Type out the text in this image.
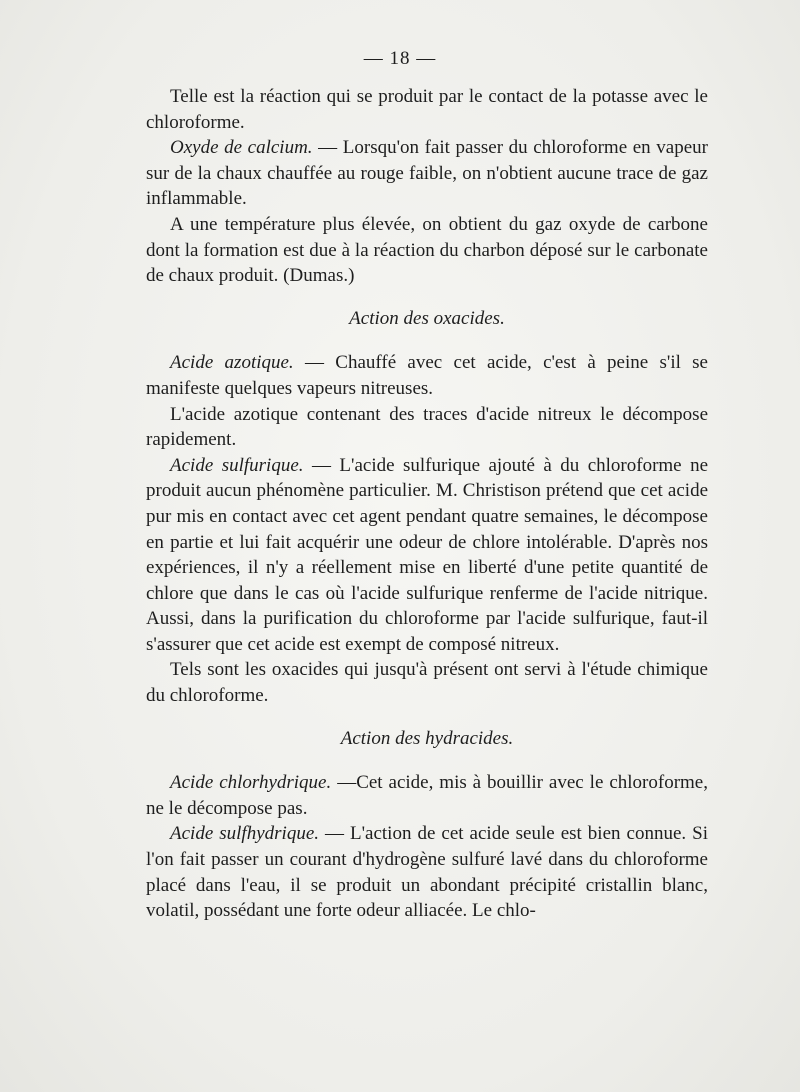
— 18 —

Telle est la réaction qui se produit par le contact de la potasse avec le chloroforme.

Oxyde de calcium. — Lorsqu'on fait passer du chloroforme en vapeur sur de la chaux chauffée au rouge faible, on n'obtient aucune trace de gaz inflammable.

A une température plus élevée, on obtient du gaz oxyde de carbone dont la formation est due à la réaction du charbon déposé sur le carbonate de chaux produit. (Dumas.)

Action des oxacides.

Acide azotique. — Chauffé avec cet acide, c'est à peine s'il se manifeste quelques vapeurs nitreuses.

L'acide azotique contenant des traces d'acide nitreux le décompose rapidement.

Acide sulfurique. — L'acide sulfurique ajouté à du chloroforme ne produit aucun phénomène particulier. M. Christison prétend que cet acide pur mis en contact avec cet agent pendant quatre semaines, le décompose en partie et lui fait acquérir une odeur de chlore intolérable. D'après nos expériences, il n'y a réellement mise en liberté d'une petite quantité de chlore que dans le cas où l'acide sulfurique renferme de l'acide nitrique. Aussi, dans la purification du chloroforme par l'acide sulfurique, faut-il s'assurer que cet acide est exempt de composé nitreux.

Tels sont les oxacides qui jusqu'à présent ont servi à l'étude chimique du chloroforme.

Action des hydracides.

Acide chlorhydrique. —Cet acide, mis à bouillir avec le chloroforme, ne le décompose pas.

Acide sulfhydrique. — L'action de cet acide seule est bien connue. Si l'on fait passer un courant d'hydrogène sulfuré lavé dans du chloroforme placé dans l'eau, il se produit un abondant précipité cristallin blanc, volatil, possédant une forte odeur alliacée. Le chlo-
